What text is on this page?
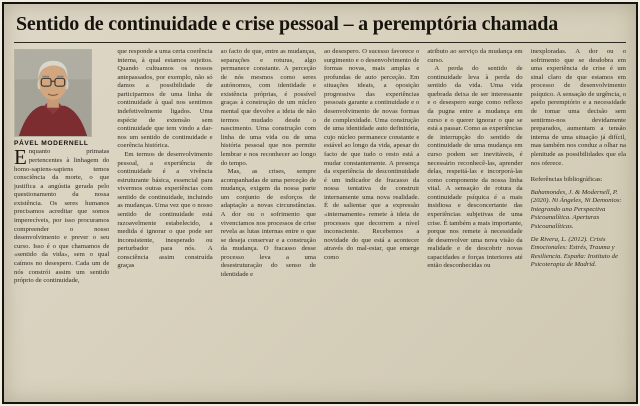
Sentido de continuidade e crise pessoal – a peremptória chamada

PÁVEL MODERNELL

Enquanto primatas pertencentes à linhagem do homo-sapiens-sapiens temos consciência da morte, o que justifica a angústia gerada pelo questionamento da nossa existência. Os seres humanos precisamos acreditar que somos imperecíveis, por isso procuramos compreender o nosso desenvolvimento e prever o seu curso. Isso é o que chamamos de «sentido da vida», sem o qual caímos no desespero. Cada um de nós constrói assim um sentido próprio de continuidade,

que responde a uma certa coerência interna, à qual estamos sujeitos. Quando cultuamos os nossos antepassados, por exemplo, não só damos a possibilidade de participarmos de uma linha de continuidade à qual nos sentimos indefetivelmente ligados. Uma espécie de extensão sem continuidade que tem vindo a dar-nos um sentido de continuidade e coerência histórica.

Em termos de desenvolvimento pessoal, a experiência de continuidade é a vivência estruturante básica, essencial para vivermos outras experiências com sentido de continuidade, incluindo as mudanças. Uma vez que o nosso sentido de continuidade está razoavelmente estabelecido, a medida é ignorar o que pode ser inconsistente, inesperado ou perturbador para nós. A consciência assim construída graças

ao facto de que, entre as mudanças, separações e roturas, algo permanece constante. A perceção de nós mesmos como seres autónomos, com identidade e existência próprias, é possível graças à construção de um núcleo mental que devolve a ideia de não termos mudado desde o nascimento. Uma construção com linha de uma vida ou de uma história pessoal que nos permite lembrar e nos reconhecer ao longo do tempo.

Mas, as crises, sempre acompanhadas de uma perceção de mudança, exigem da nossa parte um conjunto de esforços de adaptação a novas circunstâncias. A dor ou o sofrimento que vivenciamos nos processos de crise revela as lutas internas entre o que se deseja conservar e a construção da mudança. O fracasso desse processo leva a uma desestruturação do senso de identidade e

ao desespero. O sucesso favorece o surgimento e o desenvolvimento de formas novas, mais amplas e profundas de auto perceção. Em situações ideais, a oposição progressiva das experiências pessoais garante a continuidade e o desenvolvimento de novas formas de complexidade. Uma construção de uma identidade auto definitória, cujo núcleo permanece constante e estável ao longo da vida, apesar do facto de que tudo o resto está a mudar constantemente. A presença da experiência de descontinuidade é um indicador de fracasso da nossa tentativa de construir internamente uma nova realidade. É de salientar que a expressão «internamente» remete à ideia de processos que decorrem a nível inconsciente. Recebemos a novidade do que está a acontecer através do mal-estar, que emerge como

atributo ao serviço da mudança em curso.

A perda do sentido de continuidade leva à perda do sentido da vida. Uma vida quebrada deixa de ser interessante e o desespero surge como reflexo da pugna entre a mudança em curso e o querer ignorar o que se está a passar. Como as experiências de interrupção do sentido de continuidade de uma mudança em curso podem ser inevitáveis, é necessário reconhecê-las, aprender delas, respeitá-las e incorporá-las como componente da nossa linha vital. A sensação de rotura da continuidade psíquica é a mais insidiosa e desconcertante das experiências subjetivas de uma crise. É também a mais importante, porque nos remete à necessidade de desenvolver uma nova visão da realidade e de descobrir novas capacidades e forças interiores até então desconhecidas ou

inexploradas. A dor ou o sofrimento que se desdobra em uma experiência de crise é um sinal claro de que estamos em processo de desenvolvimento psíquico. A sensação de urgência, o apelo peremptório e a necessidade de tomar uma decisão sem sentirmo-nos devidamente preparados, aumentam a tensão interna de uma situação já difícil, mas também nos conduz a olhar na plenitude as possibilidades que ela nos oferece.

Referências bibliográficas:

Bahamondes, J. & Modernell, P. (2020). Ni Ángeles, Ni Demonios: Integrando una Perspectiva Psicoanalítica. Aperturas Psicoanalíticas.

De Rivera, L. (2012). Crisis Emocionales: Estrés, Trauma y Resiliencia. España: Instituto de Psicoterapia de Madrid.
